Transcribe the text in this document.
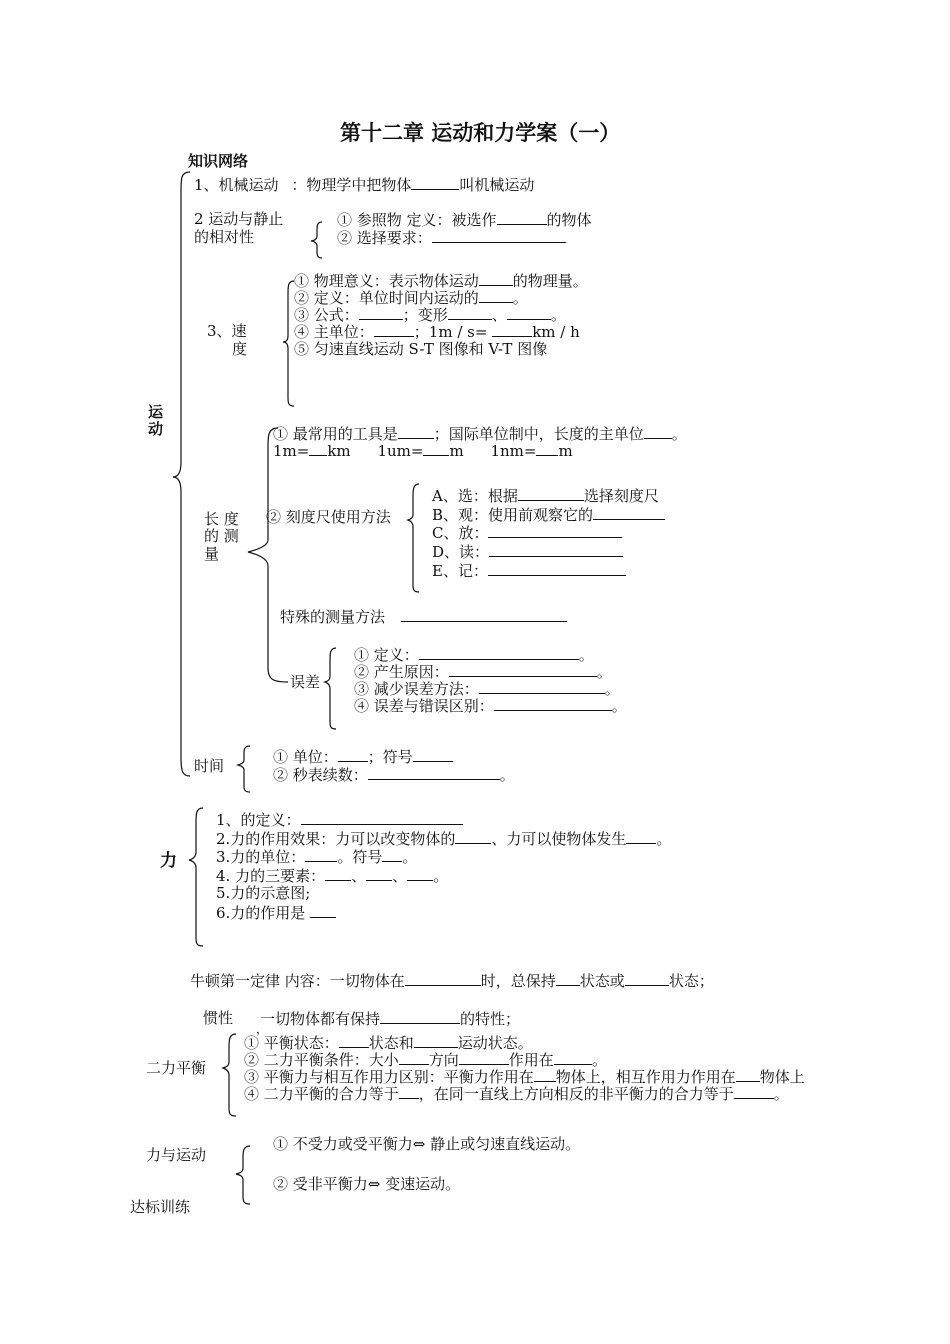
第十二章 运动和力学案（一）
知识网络
运动
力
1、机械运动 ：物理学中把物体	叫机械运动
2 运动与静止
的相对性
① 参照物 定义：被选作	的物体
② 选择要求：
3、速
度
① 物理意义：表示物体运动 的物理量。
② 定义：单位时间内运动的 。
③ 公式：	；变形	、	。
④ 主单位：	；1m / s=	km / h
⑤ 匀速直线运动 S-T 图像和 V-T 图像
长 度
的 测
量
① 最常用的工具是 ；国际单位制中，长度的主单位 。
1m= km 1um= m 1nm= m
② 刻度尺使用方法
A、选：根据	选择刻度尺
B、观：使用前观察它的
C、放：
D、读：
E、记：
特殊的测量方法
误差
① 定义：	。
② 产生原因：	。
③ 减少误差方法：	。
④ 误差与错误区别：	。
时间	① 单位： ；符号
② 秒表续数：	。
1、的定义：
2.力的作用效果：力可以改变物体的 、力可以使物体发生 。
3.力的单位： 。符号 。
4. 力的三要素： 、 、 。
5.力的示意图;
6.力的作用是
牛顿第一定律 内容：一切物体在	时，总保持 状态或	状态；
惯性 一切物体都有保持	的特性；
，
二力平衡
① 平衡状态： 状态和	运动状态。
② 二力平衡条件：大小 方向	作用在	。
③ 平衡力与相互作用力区别：平衡力作用在 物体上，相互作用力作用在 物体上
④ 二力平衡的合力等于 ，在同一直线上方向相反的非平衡力的合力等于	。
力与运动
① 不受力或受平衡力⇔ 静止或匀速直线运动。
② 受非平衡力⇔ 变速运动。
达标训练
